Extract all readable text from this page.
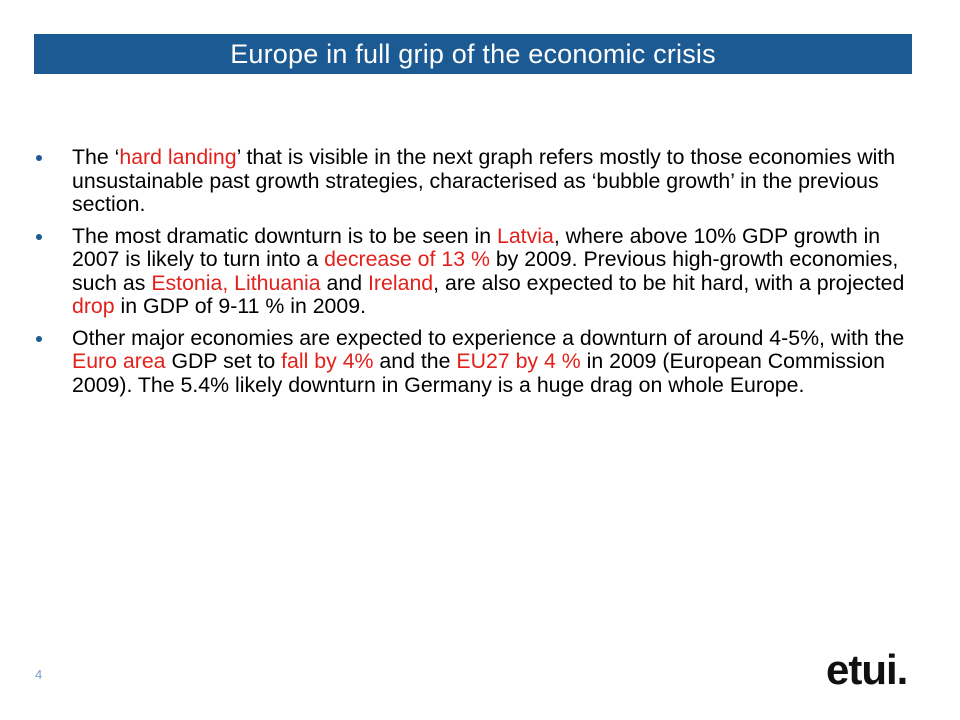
Europe in full grip of the economic crisis
The ‘hard landing’ that is visible in the next graph refers mostly to those economies with unsustainable past growth strategies, characterised as ‘bubble growth’ in the previous section.
The most dramatic downturn is to be seen in Latvia, where above 10% GDP growth in 2007 is likely to turn into a decrease of 13 % by 2009. Previous high-growth economies, such as Estonia, Lithuania and Ireland, are also expected to be hit hard, with a projected drop in GDP of 9-11 % in 2009.
Other major economies are expected to experience a downturn of around 4-5%, with the Euro area GDP set to fall by 4% and the EU27 by 4 % in 2009 (European Commission 2009). The 5.4% likely downturn in Germany is a huge drag on whole Europe.
4	etui.
